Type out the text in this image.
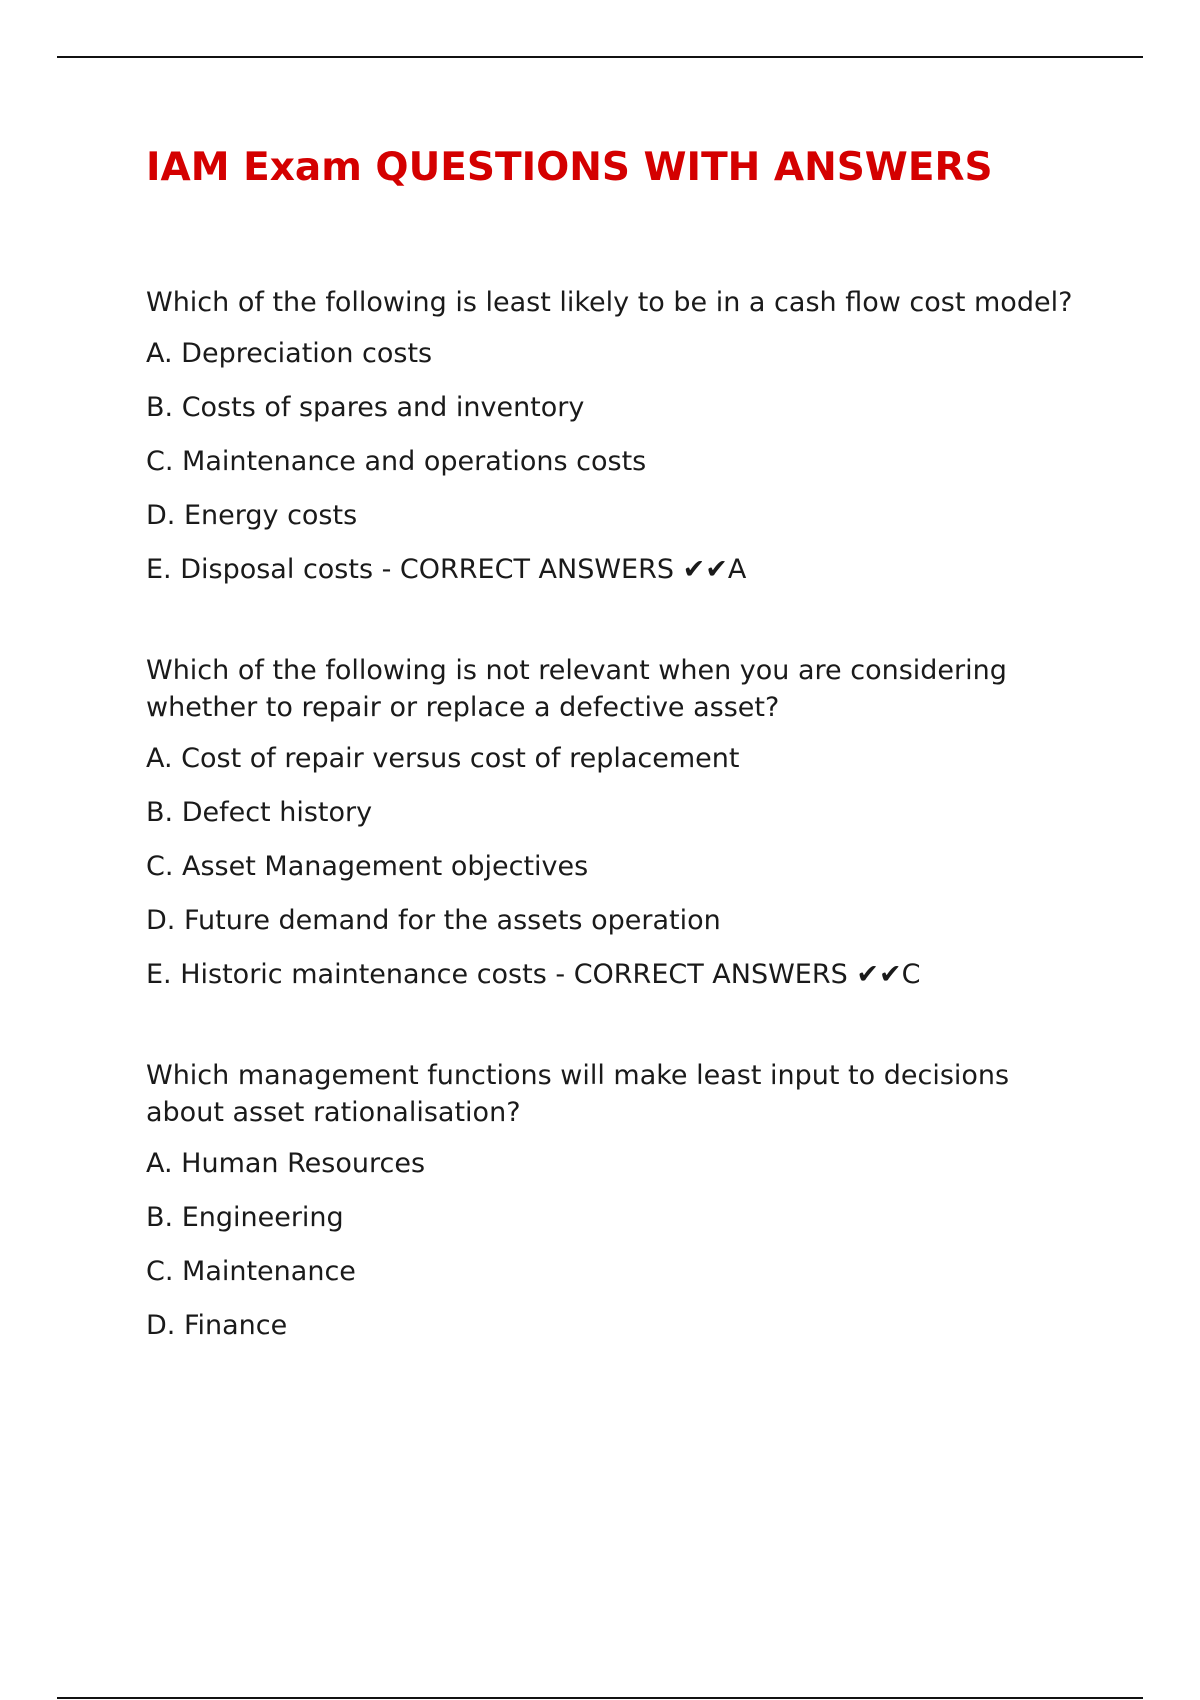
IAM Exam QUESTIONS WITH ANSWERS

Which of the following is least likely to be in a cash flow cost model?

A. Depreciation costs
B. Costs of spares and inventory
C. Maintenance and operations costs
D. Energy costs
E. Disposal costs - CORRECT ANSWERS ✔✔A

Which of the following is not relevant when you are considering whether to repair or replace a defective asset?

A. Cost of repair versus cost of replacement
B. Defect history
C. Asset Management objectives
D. Future demand for the assets operation
E. Historic maintenance costs - CORRECT ANSWERS ✔✔C

Which management functions will make least input to decisions about asset rationalisation?

A. Human Resources
B. Engineering
C. Maintenance
D. Finance
